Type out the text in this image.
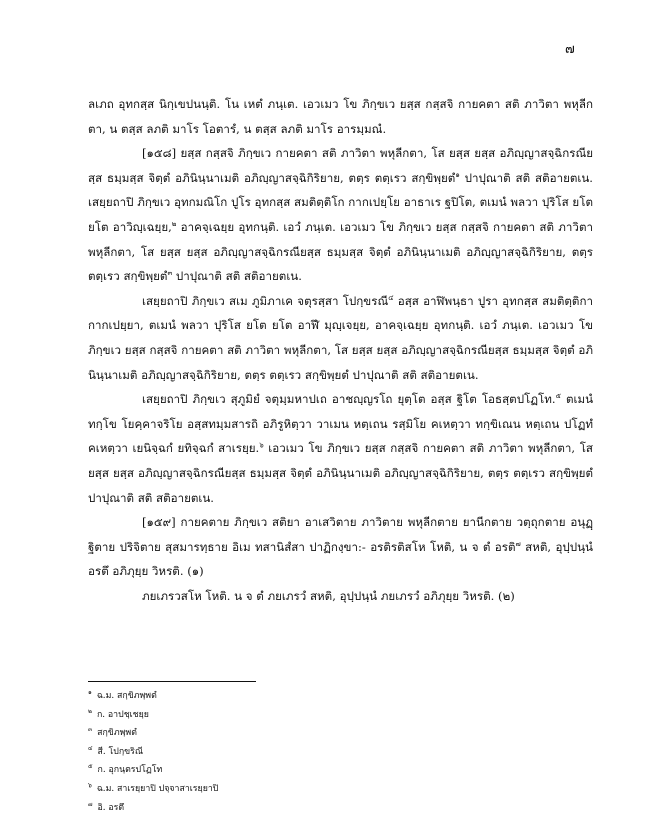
๗

ลเภถ อุทกสฺส นิกฺเขปนนฺติ. โน เหตํ ภนฺเต. เอวเมว โข ภิกฺขเว ยสฺส กสฺสจิ กายคตา สติ ภาวิตา พหุลีกตา, น ตสฺส ลภติ มาโร โอตารํ, น ตสฺส ลภติ มาโร อารมฺมณํ.

[๑๕๘] ยสฺส กสฺสจิ ภิกฺขเว กายคตา สติ ภาวิตา พหุลีกตา, โส ยสฺส ยสฺส อภิญฺญาสจฺฉิกรณียสฺส ธมฺมสฺส จิตฺตํ อภินินฺนาเมติ อภิญฺญาสจฺฉิกิริยาย, ตตฺร ตตฺเรว สกฺขิพฺยตํ$^๑$ ปาปุณาติ สติ สติอายตเน. เสยฺยถาปิ ภิกฺขเว อุทกมณิโก ปูโร อุทกสฺส สมติตฺติโก กากเปยฺโย อาธาเร ฐปิโต, ตเมนํ พลวา ปุริโส ยโต ยโต อาวิญฺเฉยฺย,$^๒$ อาคจฺเฉยฺย อุทกนฺติ. เอวํ ภนฺเต. เอวเมว โข ภิกฺขเว ยสฺส กสฺสจิ กายคตา สติ ภาวิตา พหุลีกตา, โส ยสฺส ยสฺส อภิญฺญาสจฺฉิกรณียสฺส ธมฺมสฺส จิตฺตํ อภินินฺนาเมติ อภิญฺญาสจฺฉิกิริยาย, ตตฺร ตตฺเรว สกฺขิพฺยตํ$^๓$ ปาปุณาติ สติ สติอายตเน.

เสยฺยถาปิ ภิกฺขเว สเม ภูมิภาเค จตุรสฺสา โปกฺขรณี$^๔$ อสฺส อาฬิพนฺธา ปูรา อุทกสฺส สมติตฺติกา กากเปยฺยา, ตเมนํ พลวา ปุริโส ยโต ยโต อาฬึ มุญฺเจยฺย, อาคจฺเฉยฺย อุทกนฺติ. เอวํ ภนฺเต. เอวเมว โข ภิกฺขเว ยสฺส กสฺสจิ กายคตา สติ ภาวิตา พหุลีกตา, โส ยสฺส ยสฺส อภิญฺญาสจฺฉิกรณียสฺส ธมฺมสฺส จิตฺตํ อภินินฺนาเมติ อภิญฺญาสจฺฉิกิริยาย, ตตฺร ตตฺเรว สกฺขิพฺยตํ ปาปุณาติ สติ สติอายตเน.

เสยฺยถาปิ ภิกฺขเว สุภูมิยํ จตุมฺมหาปเถ อาชญฺญรโถ ยุตฺโต อสฺส ฐิโต โอธสฺตปโฏโท.$^๕$ ตเมนํ ทกฺโข โยคฺคาจริโย อสฺสทมฺมสารถิ อภิรูหิตฺวา วาเมน หตฺเถน รสฺมิโย คเหตฺวา ทกฺขิเณน หตฺเถน ปโฏทํ คเหตฺวา เยนิจฺฉกํ ยทิจฺฉกํ สาเรยฺย.$^๖$ เอวเมว โข ภิกฺขเว ยสฺส กสฺสจิ กายคตา สติ ภาวิตา พหุลีกตา, โส ยสฺส ยสฺส อภิญฺญาสจฺฉิกรณียสฺส ธมฺมสฺส จิตฺตํ อภินินฺนาเมติ อภิญฺญาสจฺฉิกิริยาย, ตตฺร ตตฺเรว สกฺขิพฺยตํ ปาปุณาติ สติ สติอายตเน.

[๑๕๙] กายคตาย ภิกฺขเว สติยา อาเสวิตาย ภาวิตาย พหุลีกตาย ยานีกตาย วตฺถุกตาย อนุฏฺฐิตาย ปริจิตาย สุสมารทฺธาย อิเม ทสานิสํสา ปาฏิกงฺขา:- อรติรติสโห โหติ, น จ ตํ อรติ$^๗$ สหติ, อุปฺปนฺนํ อรตึ อภิภุยฺย วิหรติ. (๑)

ภยเภรวสโห โหติ. น จ ตํ ภยเภรวํ สหติ, อุปฺปนฺนํ ภยเภรวํ อภิภุยฺย วิหรติ. (๒)

$^๑$ ฉ.ม. สกฺขิภพฺพตํ
$^๒$ ก. อาปชฺเชยฺย
$^๓$ สกฺขิภพฺพตํ
$^๔$ สี. โปกฺขริณี
$^๕$ ก. อุกนฺตรปโฏโท
$^๖$ ฉ.ม. สาเรยฺยาปิ ปจฺจาสาเรยฺยาปิ
$^๗$ อิ. อรตึ
